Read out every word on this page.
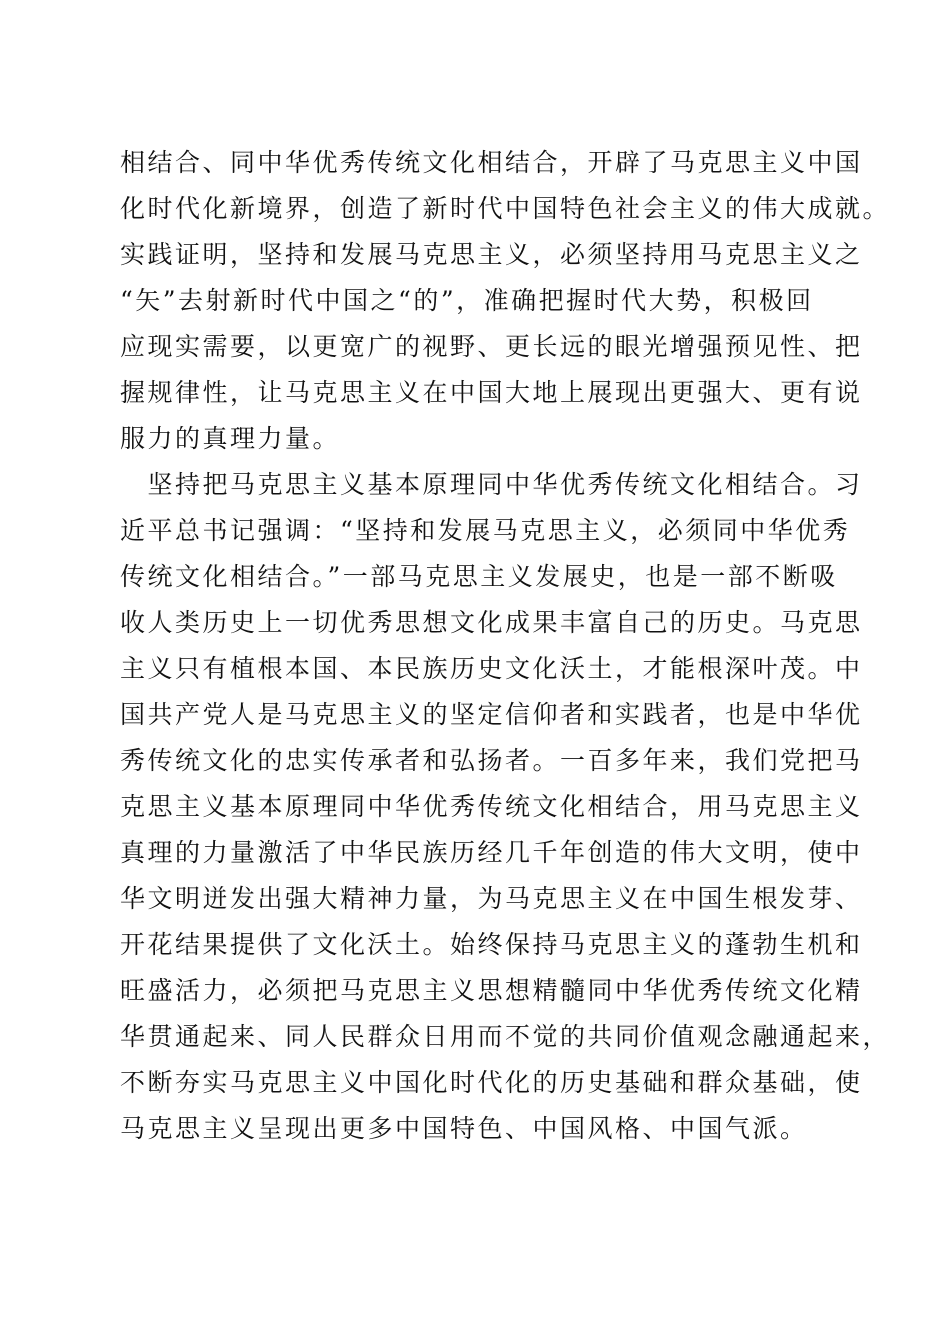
相结合、同中华优秀传统文化相结合，开辟了马克思主义中国
化时代化新境界，创造了新时代中国特色社会主义的伟大成就。
实践证明，坚持和发展马克思主义，必须坚持用马克思主义之
“矢”去射新时代中国之“的”，准确把握时代大势，积极回
应现实需要，以更宽广的视野、更长远的眼光增强预见性、把
握规律性，让马克思主义在中国大地上展现出更强大、更有说
服力的真理力量。
　坚持把马克思主义基本原理同中华优秀传统文化相结合。习
近平总书记强调：“坚持和发展马克思主义，必须同中华优秀
传统文化相结合。”一部马克思主义发展史，也是一部不断吸
收人类历史上一切优秀思想文化成果丰富自己的历史。马克思
主义只有植根本国、本民族历史文化沃土，才能根深叶茂。中
国共产党人是马克思主义的坚定信仰者和实践者，也是中华优
秀传统文化的忠实传承者和弘扬者。一百多年来，我们党把马
克思主义基本原理同中华优秀传统文化相结合，用马克思主义
真理的力量激活了中华民族历经几千年创造的伟大文明，使中
华文明迸发出强大精神力量，为马克思主义在中国生根发芽、
开花结果提供了文化沃土。始终保持马克思主义的蓬勃生机和
旺盛活力，必须把马克思主义思想精髓同中华优秀传统文化精
华贯通起来、同人民群众日用而不觉的共同价值观念融通起来，
不断夯实马克思主义中国化时代化的历史基础和群众基础，使
马克思主义呈现出更多中国特色、中国风格、中国气派。
